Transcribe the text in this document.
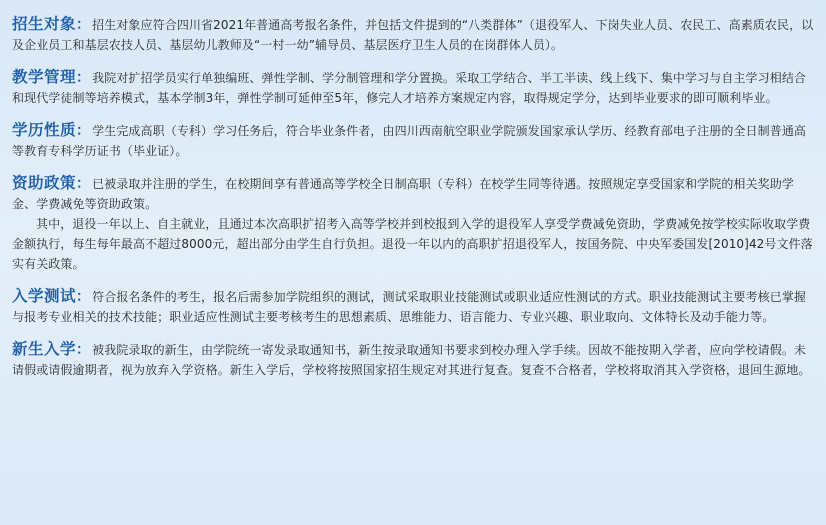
招生对象： 招生对象应符合四川省2021年普通高考报名条件，并包括文件提到的“八类群体”（退役军人、下岗失业人员、农民工、高素质农民，以及企业员工和基层农技人员、基层幼儿教师及“一村一幼”辅导员、基层医疗卫生人员的在岗群体人员）。

教学管理： 我院对扩招学员实行单独编班、弹性学制、学分制管理和学分置换。采取工学结合、半工半读、线上线下、集中学习与自主学习相结合和现代学徒制等培养模式，基本学制3年，弹性学制可延伸至5年，修完人才培养方案规定内容，取得规定学分，达到毕业要求的即可顺利毕业。

学历性质： 学生完成高职（专科）学习任务后，符合毕业条件者，由四川西南航空职业学院颁发国家承认学历、经教育部电子注册的全日制普通高等教育专科学历证书（毕业证）。

资助政策： 已被录取并注册的学生，在校期间享有普通高等学校全日制高职（专科）在校学生同等待遇。按照规定享受国家和学院的相关奖助学金、学费减免等资助政策。

其中，退役一年以上、自主就业，且通过本次高职扩招考入高等学校并到校报到入学的退役军人享受学费减免资助，学费减免按学校实际收取学费金额执行，每生每年最高不超过8000元，超出部分由学生自行负担。退役一年以内的高职扩招退役军人，按国务院、中央军委国发[2010]42号文件落实有关政策。

入学测试： 符合报名条件的考生，报名后需参加学院组织的测试，测试采取职业技能测试或职业适应性测试的方式。职业技能测试主要考核已掌握与报考专业相关的技术技能；职业适应性测试主要考核考生的思想素质、思维能力、语言能力、专业兴趣、职业取向、文体特长及动手能力等。

新生入学： 被我院录取的新生，由学院统一寄发录取通知书，新生按录取通知书要求到校办理入学手续。因故不能按期入学者，应向学校请假。未请假或请假逾期者，视为放弃入学资格。新生入学后，学校将按照国家招生规定对其进行复查。复查不合格者，学校将取消其入学资格，退回生源地。
